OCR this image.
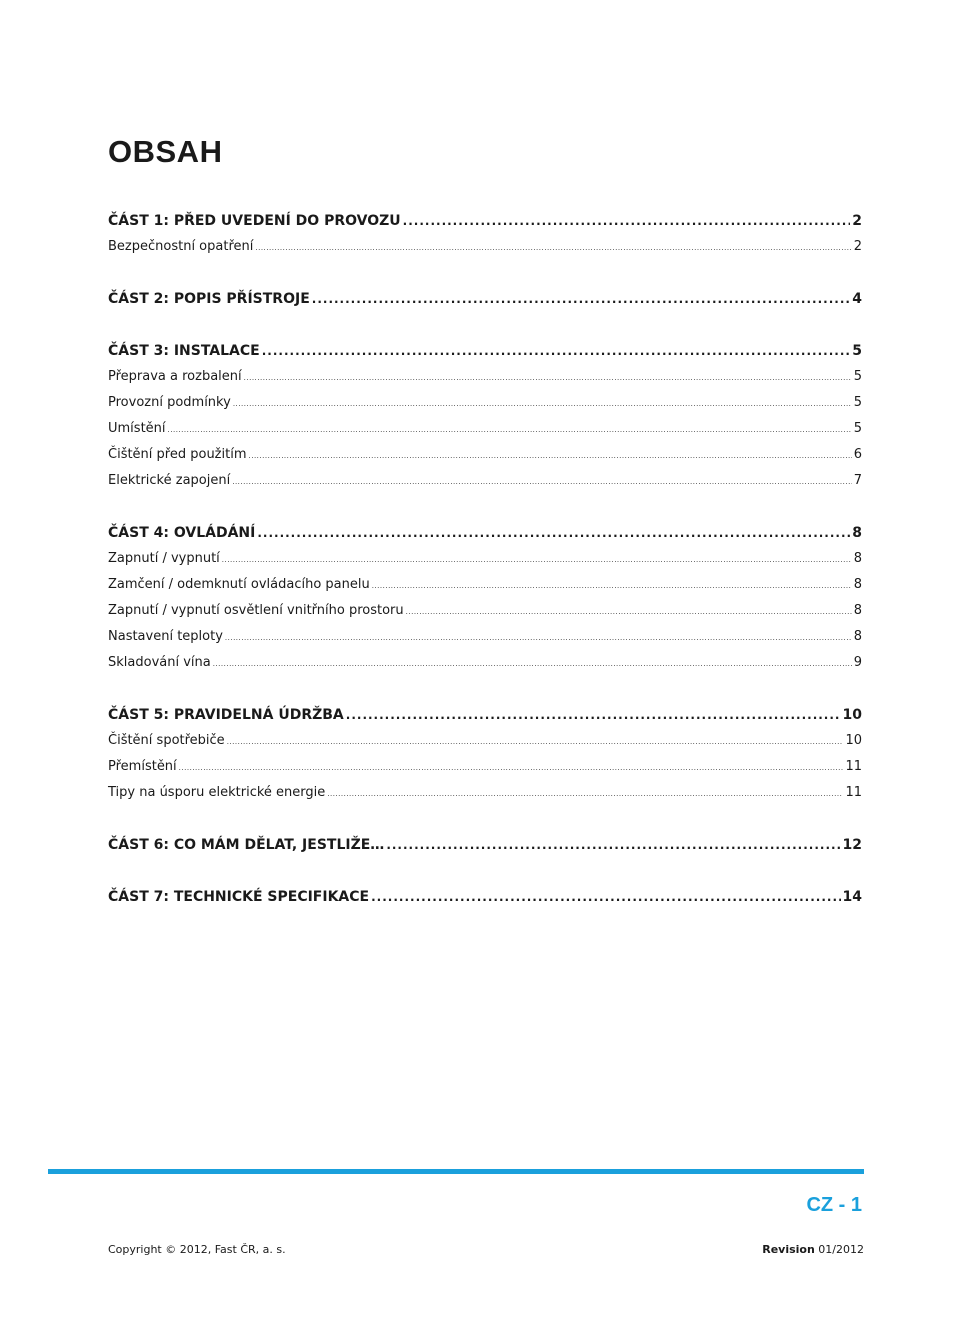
OBSAH
ČÁST 1: PŘED UVEDENÍ DO PROVOZU .....	2
Bezpečnostní opatření .....	2
ČÁST 2: POPIS PŘÍSTROJE .....	4
ČÁST 3: INSTALACE .....	5
Přeprava a rozbalení .....	5
Provozní podmínky .....	5
Umístění .....	5
Čištění před použitím .....	6
Elektrické zapojení .....	7
ČÁST 4: OVLÁDÁNÍ .....	8
Zapnutí / vypnutí .....	8
Zamčení / odemknutí ovládacího panelu .....	8
Zapnutí / vypnutí osvětlení vnitřního prostoru .....	8
Nastavení teploty .....	8
Skladování vína .....	9
ČÁST 5: PRAVIDELNÁ ÚDRŽBA .....	10
Čištění spotřebiče .....	10
Přemístění .....	11
Tipy na úsporu elektrické energie .....	11
ČÁST 6: CO MÁM DĚLAT, JESTLIŽE… .....	12
ČÁST 7: TECHNICKÉ SPECIFIKACE .....	14
CZ - 1
Copyright © 2012, Fast ČR, a. s.	Revision 01/2012
